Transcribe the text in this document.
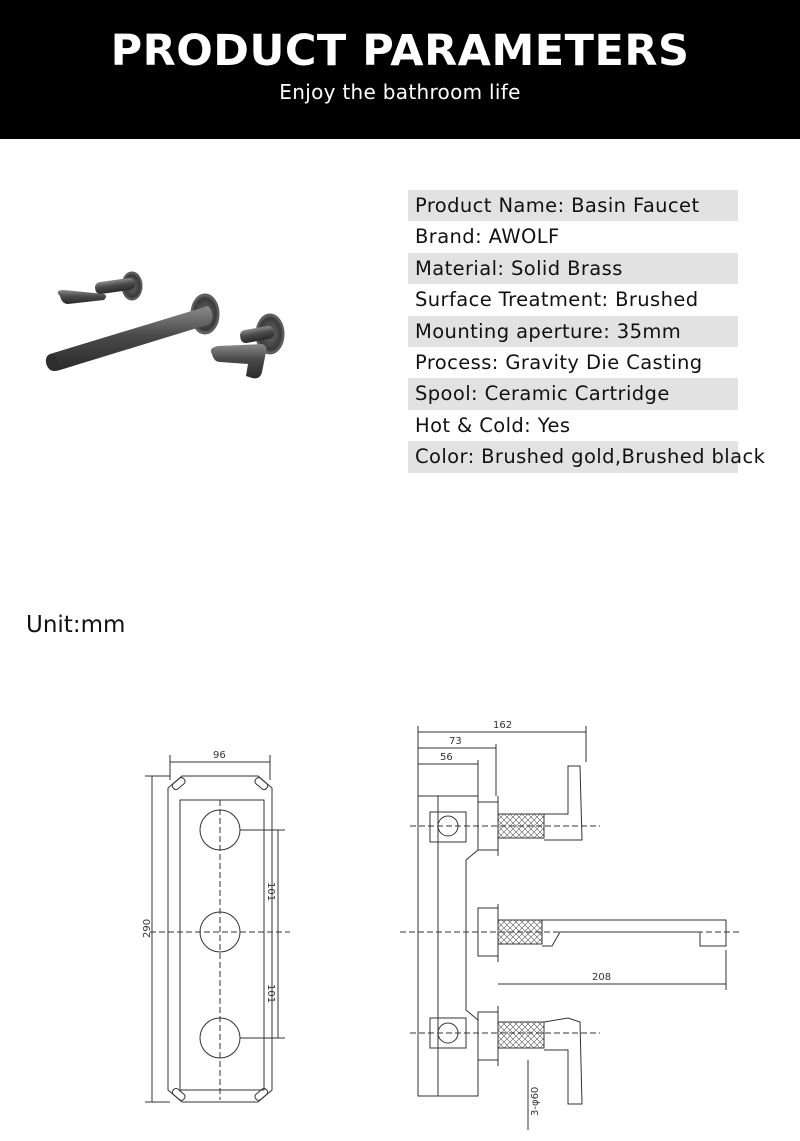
PRODUCT PARAMETERS
Enjoy the bathroom life
Product Name: Basin Faucet
Brand: AWOLF
Material: Solid Brass
Surface Treatment: Brushed
Mounting aperture: 35mm
Process: Gravity Die Casting
Spool: Ceramic Cartridge
Hot & Cold: Yes
Color: Brushed gold,Brushed black
Unit:mm
96
290
101
101
162
73
56
208
3-φ60
